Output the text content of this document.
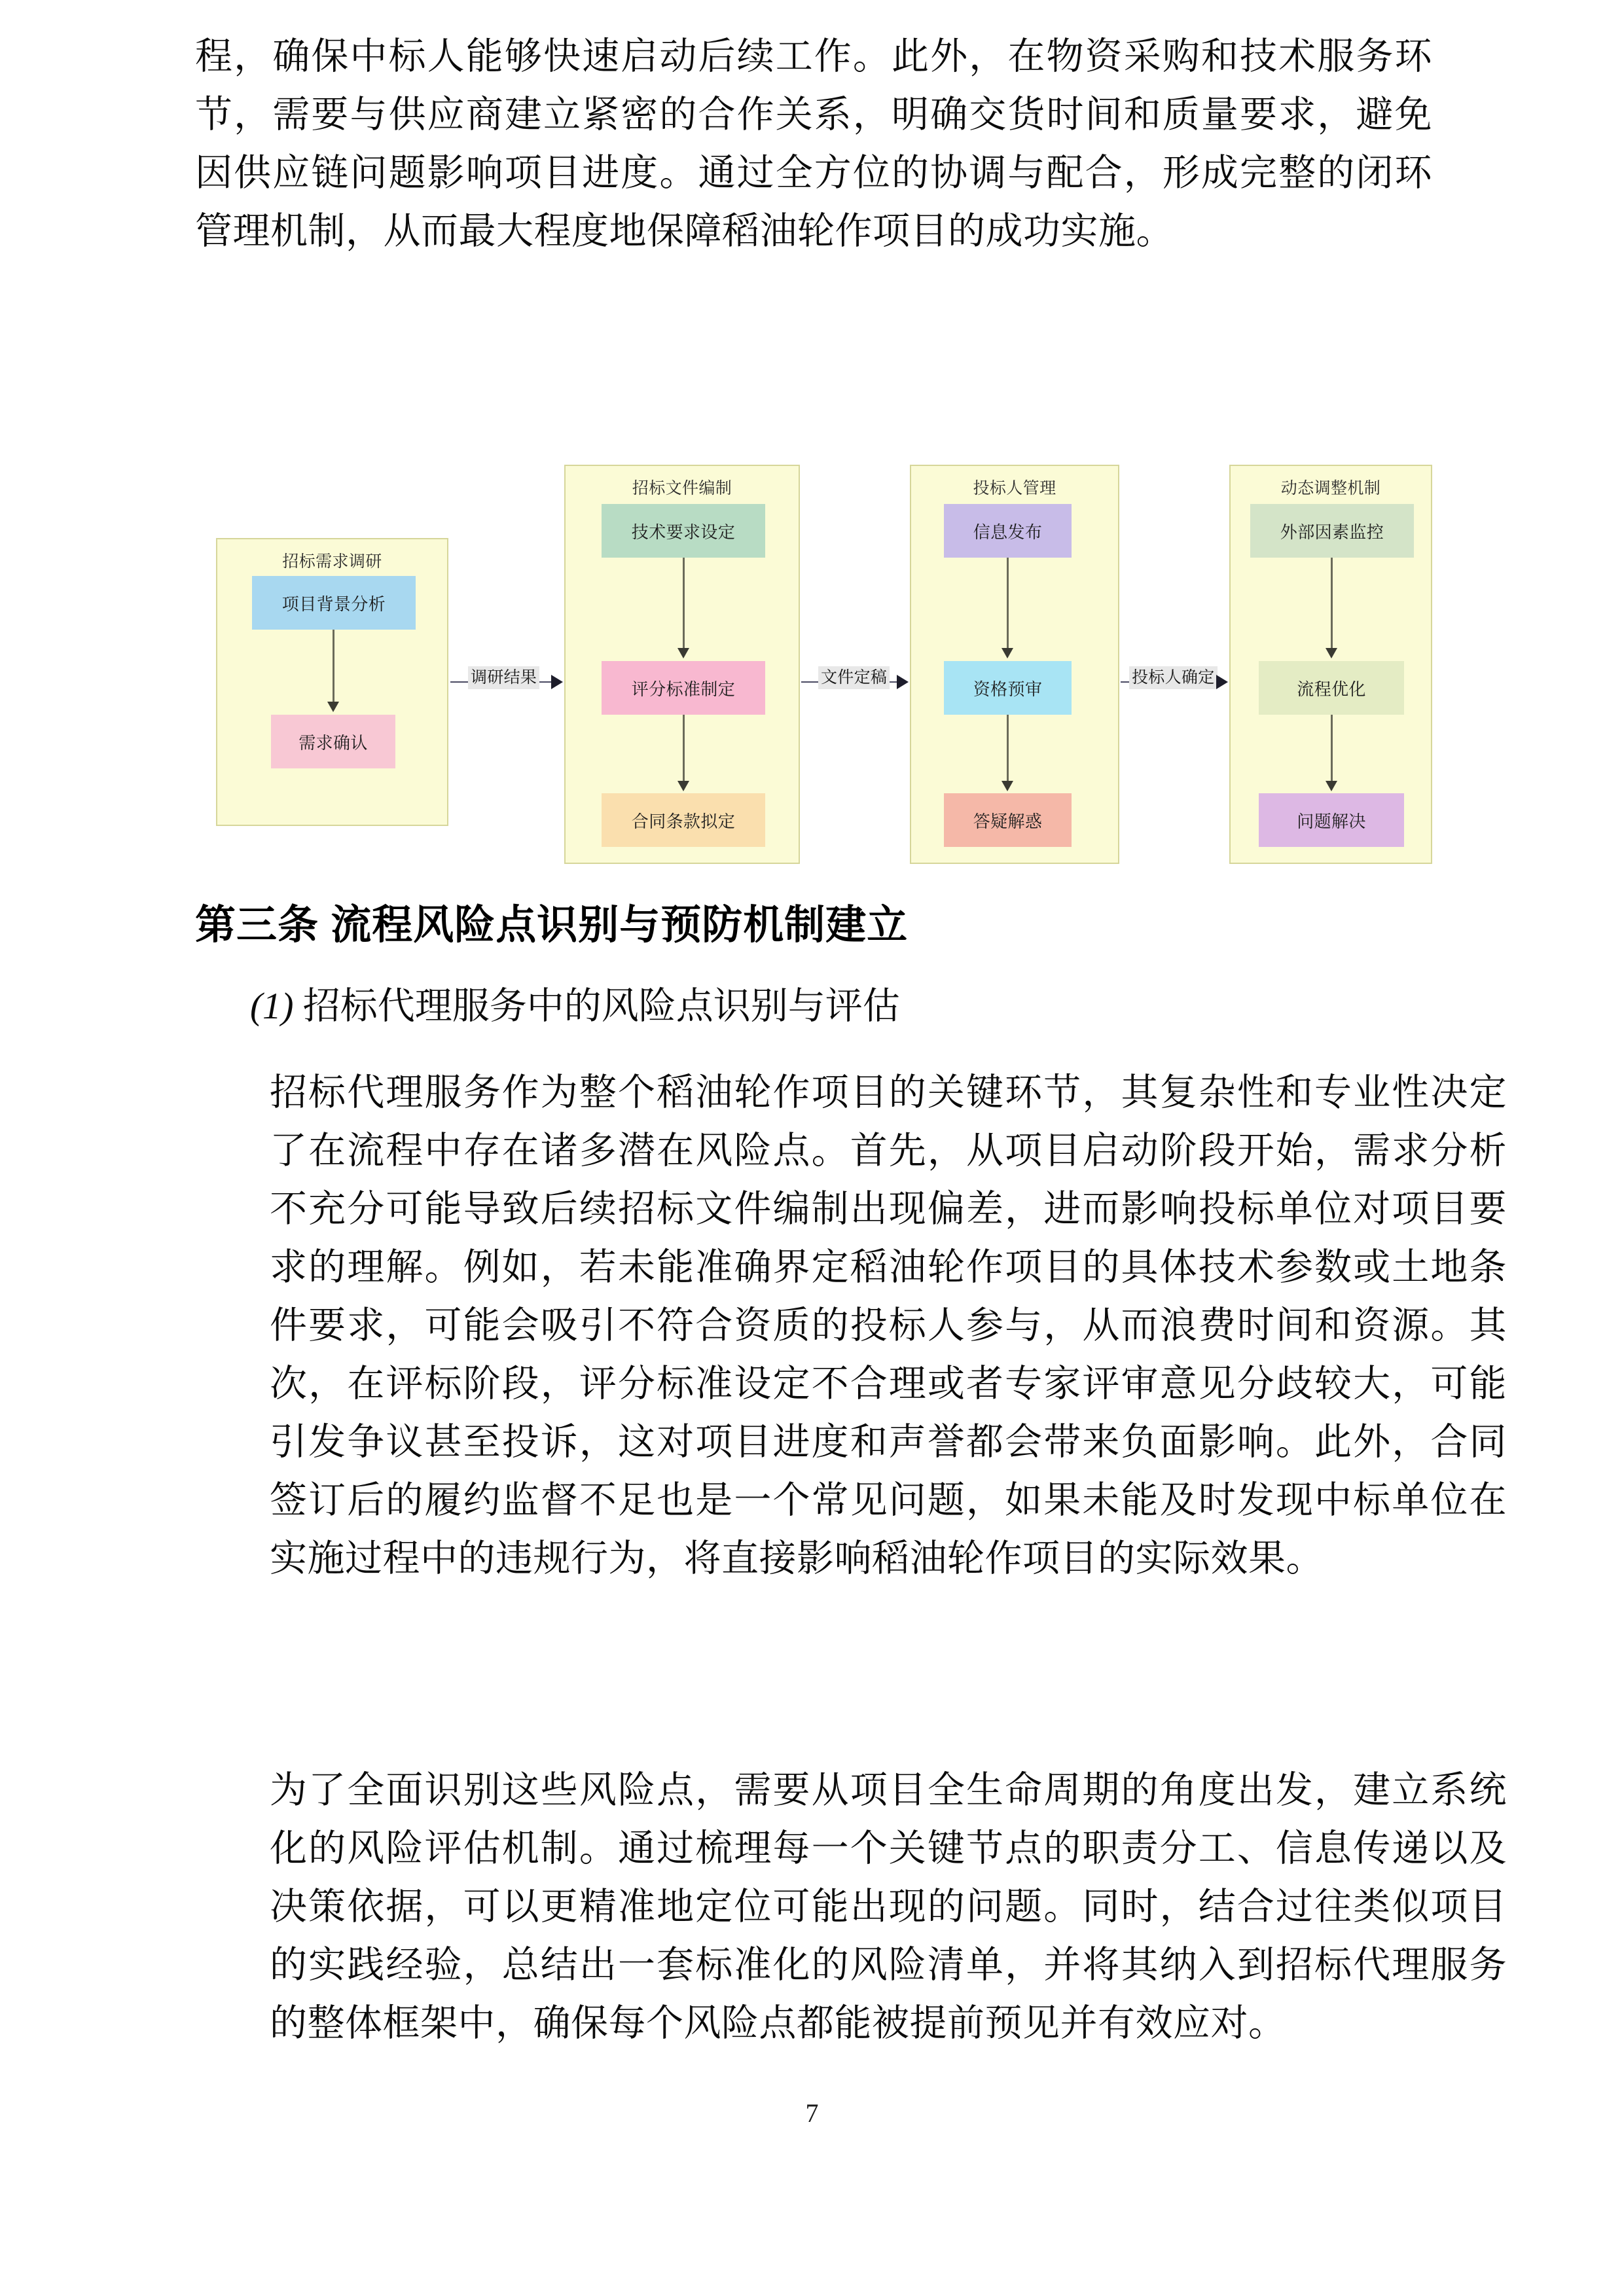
程，确保中标人能够快速启动后续工作。此外，在物资采购和技术服务环节，需要与供应商建立紧密的合作关系，明确交货时间和质量要求，避免因供应链问题影响项目进度。通过全方位的协调与配合，形成完整的闭环管理机制，从而最大程度地保障稻油轮作项目的成功实施。
招标需求调研
项目背景分析
需求确认
调研结果
招标文件编制
技术要求设定
评分标准制定
合同条款拟定
文件定稿
投标人管理
信息发布
资格预审
答疑解惑
投标人确定
动态调整机制
外部因素监控
流程优化
问题解决
第三条 流程风险点识别与预防机制建立
(1) 招标代理服务中的风险点识别与评估
招标代理服务作为整个稻油轮作项目的关键环节，其复杂性和专业性决定了在流程中存在诸多潜在风险点。首先，从项目启动阶段开始，需求分析不充分可能导致后续招标文件编制出现偏差，进而影响投标单位对项目要求的理解。例如，若未能准确界定稻油轮作项目的具体技术参数或土地条件要求，可能会吸引不符合资质的投标人参与，从而浪费时间和资源。其次，在评标阶段，评分标准设定不合理或者专家评审意见分歧较大，可能引发争议甚至投诉，这对项目进度和声誉都会带来负面影响。此外，合同签订后的履约监督不足也是一个常见问题，如果未能及时发现中标单位在实施过程中的违规行为，将直接影响稻油轮作项目的实际效果。
为了全面识别这些风险点，需要从项目全生命周期的角度出发，建立系统化的风险评估机制。通过梳理每一个关键节点的职责分工、信息传递以及决策依据，可以更精准地定位可能出现的问题。同时，结合过往类似项目的实践经验，总结出一套标准化的风险清单，并将其纳入到招标代理服务的整体框架中，确保每个风险点都能被提前预见并有效应对。
7
